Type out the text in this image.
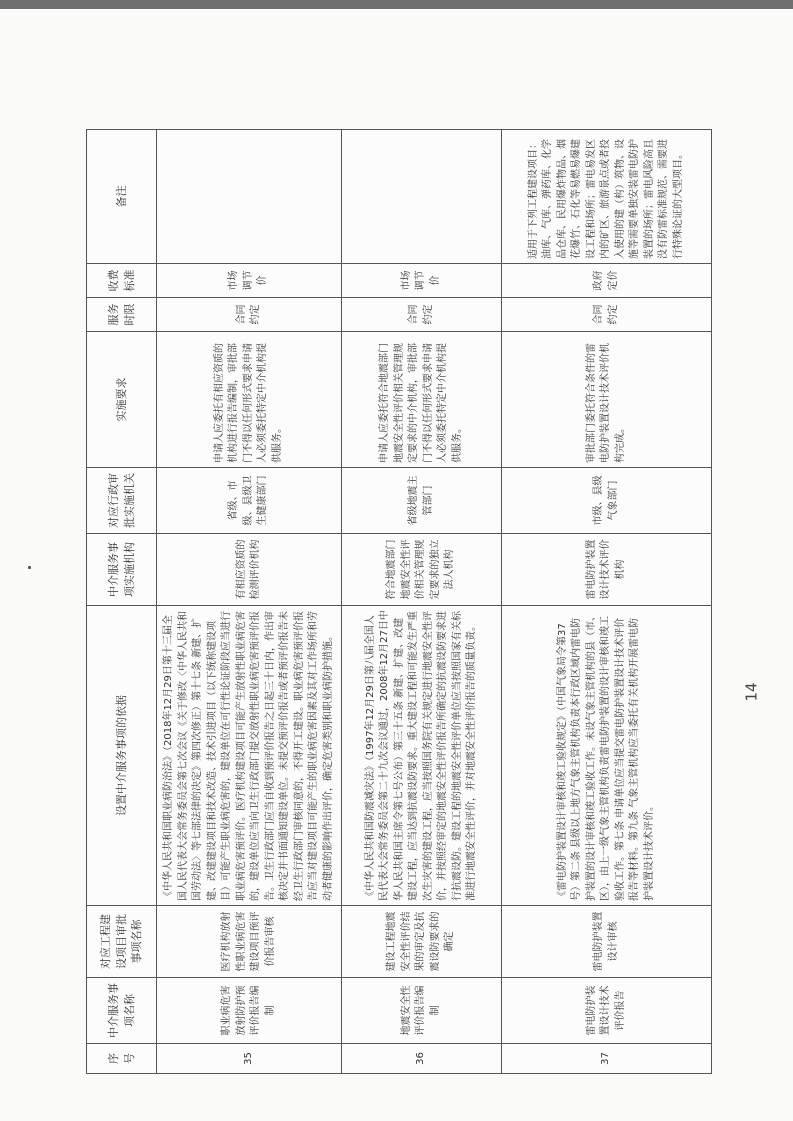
序号	中介服务事项名称	对应工程建设项目审批事项名称	设置中介服务事项的依据	中介服务事项实施机构	对应行政审批实施机关	实施要求	服务时限	收费标准	备注
35	职业病危害放射防护预评价报告编制	医疗机构放射性职业病危害建设项目预评价报告审核	《中华人民共和国职业病防治法》（2018年12月29日第十三届全国人民代表大会常务委员会第七次会议《关于修改〈中华人民共和国劳动法〉等七部法律的决定》第四次修正）第十七条 新建、扩建、改建建设项目和技术改造、技术引进项目（以下统称建设项目）可能产生职业病危害的，建设单位在可行性论证阶段应当进行职业病危害预评价。医疗机构建设项目可能产生放射性职业病危害的，建设单位应当向卫生行政部门提交放射性职业病危害预评价报告。卫生行政部门应当自收到预评价报告之日起三十日内，作出审核决定并书面通知建设单位。未提交预评价报告或者预评价报告未经卫生行政部门审核同意的，不得开工建设。职业病危害预评价报告应当对建设项目可能产生的职业病危害因素及其对工作场所和劳动者健康的影响作出评价，确定危害类别和职业病防护措施。	有相应资质的检测评价机构	省级、市级、县级卫生健康部门	申请人应委托有相应资质的机构进行报告编制，审批部门不得以任何形式要求申请人必须委托特定中介机构提供服务。	合同约定	市场调节价	
36	地震安全性评价报告编制	建设工程地震安全性评价结果的审定及抗震设防要求的确定	《中华人民共和国防震减灾法》（1997年12月29日第八届全国人民代表大会常务委员会第二十九次会议通过，2008年12月27日中华人民共和国主席令第七号公布）第三十五条 新建、扩建、改建建设工程，应当达到抗震设防要求。重大建设工程和可能发生严重次生灾害的建设工程，应当按照国务院有关规定进行地震安全性评价，并按照经审定的地震安全性评价报告所确定的抗震设防要求进行抗震设防。建设工程的地震安全性评价单位应当按照国家有关标准进行地震安全性评价，并对地震安全性评价报告的质量负责。	符合地震部门地震安全性评价相关管理规定要求的独立法人机构	省级地震主管部门	申请人应委托符合地震部门地震安全性评价相关管理规定要求的中介机构，审批部门不得以任何形式要求申请人必须委托特定中介机构提供服务。	合同约定	市场调节价	
37	雷电防护装置设计技术评价报告	雷电防护装置设计审核	《雷电防护装置设计审核和竣工验收规定》（中国气象局令第37号）第二条 县级以上地方气象主管机构负责本行政区域内雷电防护装置的设计审核和竣工验收工作。未设气象主管机构的县（市、区），由上一级气象主管机构负责雷电防护装置的设计审核和竣工验收工作。第七条 申请单位应当提交雷电防护装置设计技术评价报告等材料。第九条 气象主管机构应当委托有关机构开展雷电防护装置设计技术评价。	雷电防护装置设计技术评价机构	市级、县级气象部门	审批部门委托符合条件的雷电防护装置设计技术评价机构完成。	合同约定	政府定价	适用于下列工程建设项目：油库、气库、弹药库、化学品仓库、民用爆炸物品、烟花爆竹、石化等易燃易爆建设工程和场所；雷电易发区内的矿区、旅游景点或者投入使用的建（构）筑物、设施等需要单独安装雷电防护装置的场所；雷电风险高且没有防雷标准规范、需要进行特殊论证的大型项目。
14
